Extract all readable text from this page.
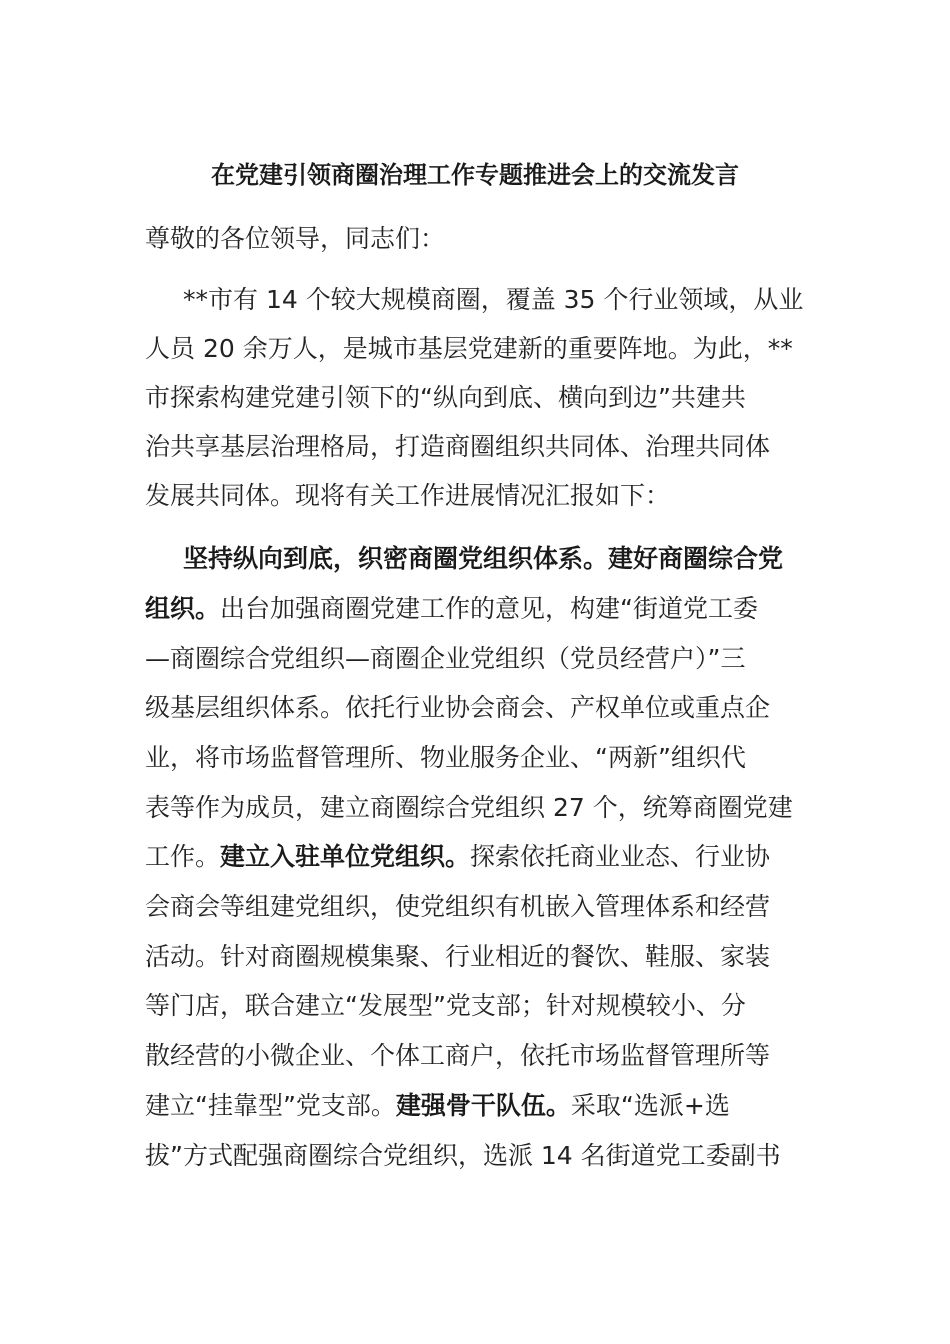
在党建引领商圈治理工作专题推进会上的交流发言
尊敬的各位领导，同志们：
**市有 14 个较大规模商圈，覆盖 35 个行业领域，从业
人员 20 余万人，是城市基层党建新的重要阵地。为此，**
市探索构建党建引领下的“纵向到底、横向到边”共建共
治共享基层治理格局，打造商圈组织共同体、治理共同体
发展共同体。现将有关工作进展情况汇报如下：
坚持纵向到底，织密商圈党组织体系。建好商圈综合党
组织。出台加强商圈党建工作的意见，构建“街道党工委
—商圈综合党组织—商圈企业党组织（党员经营户）”三
级基层组织体系。依托行业协会商会、产权单位或重点企
业，将市场监督管理所、物业服务企业、“两新”组织代
表等作为成员，建立商圈综合党组织 27 个，统筹商圈党建
工作。建立入驻单位党组织。探索依托商业业态、行业协
会商会等组建党组织，使党组织有机嵌入管理体系和经营
活动。针对商圈规模集聚、行业相近的餐饮、鞋服、家装
等门店，联合建立“发展型”党支部；针对规模较小、分
散经营的小微企业、个体工商户，依托市场监督管理所等
建立“挂靠型”党支部。建强骨干队伍。采取“选派+选
拔”方式配强商圈综合党组织，选派 14 名街道党工委副书
